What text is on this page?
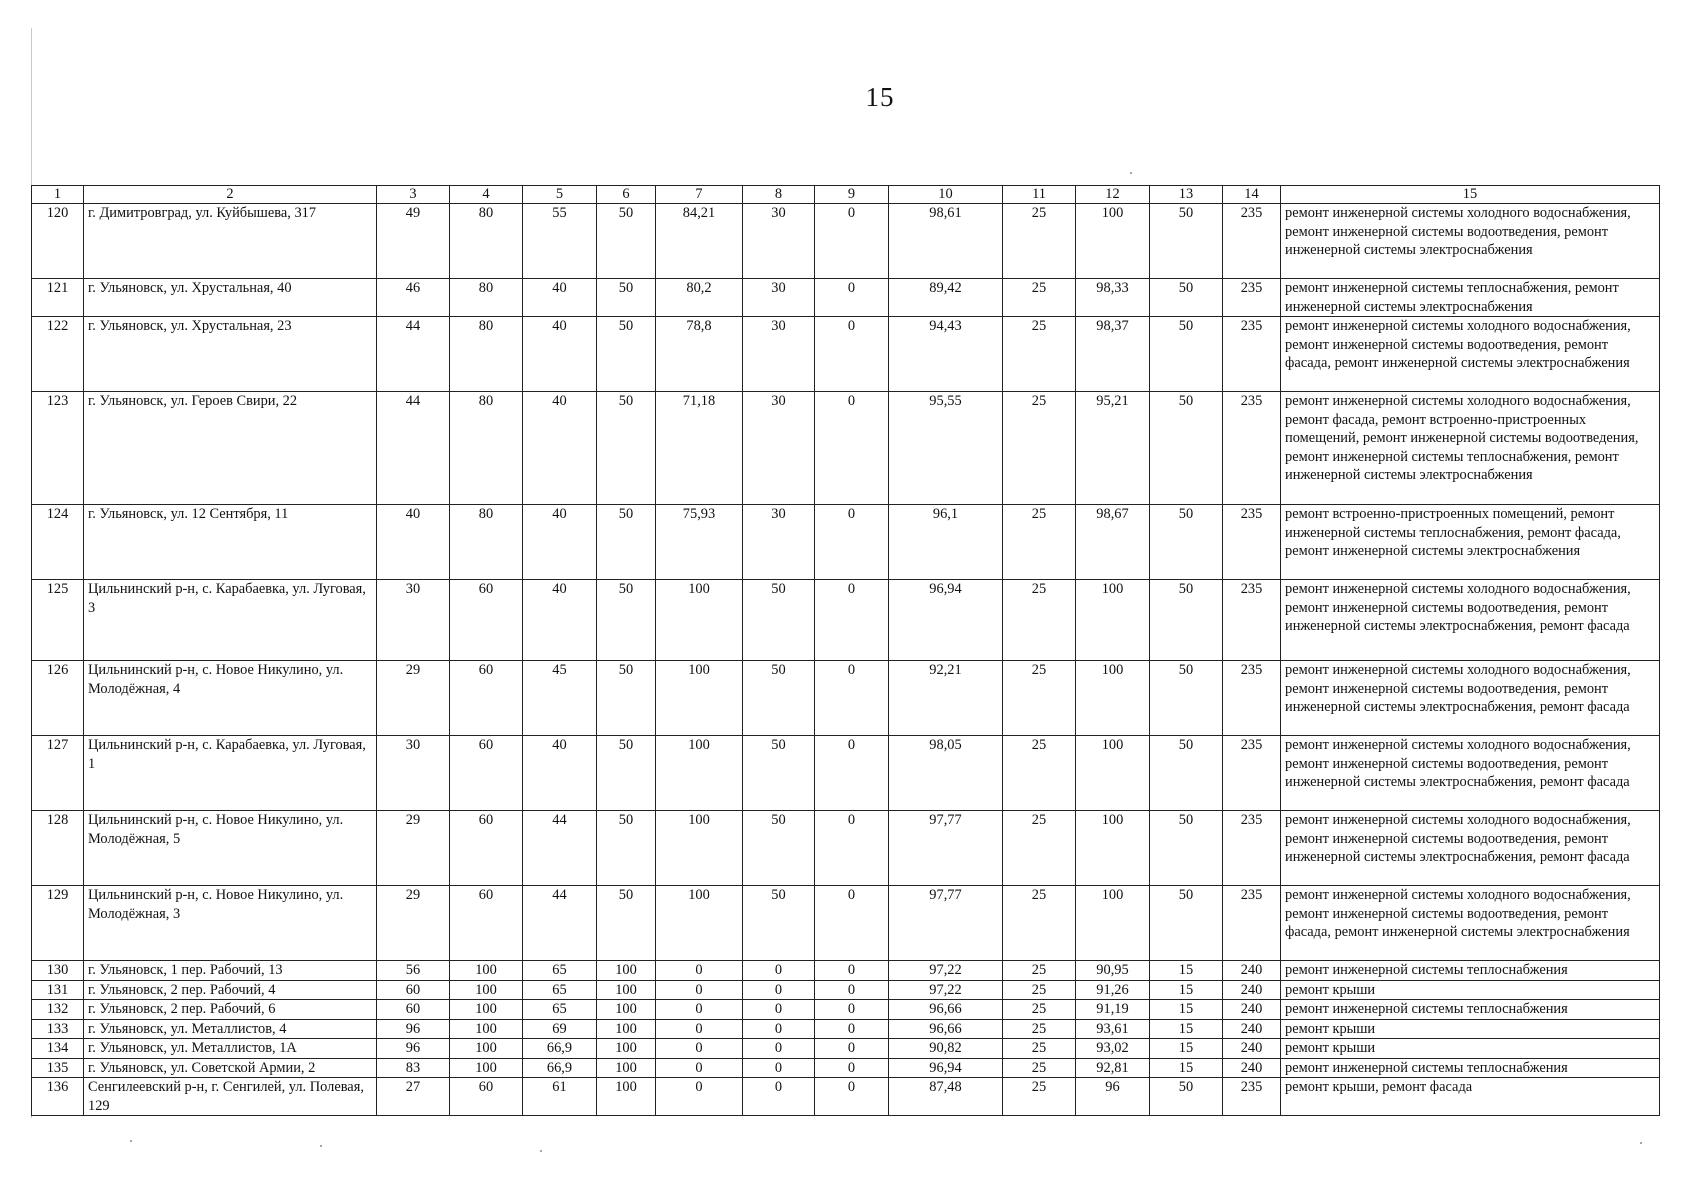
15
1	2	3	4	5	6	7	8	9	10	11	12	13	14	15
120	г. Димитровград, ул. Куйбышева, 317	49	80	55	50	84,21	30	0	98,61	25	100	50	235	ремонт инженерной системы холодного водоснабжения, ремонт инженерной системы водоотведения, ремонт инженерной системы электроснабжения
121	г. Ульяновск, ул. Хрустальная, 40	46	80	40	50	80,2	30	0	89,42	25	98,33	50	235	ремонт инженерной системы теплоснабжения, ремонт инженерной системы электроснабжения
122	г. Ульяновск, ул. Хрустальная, 23	44	80	40	50	78,8	30	0	94,43	25	98,37	50	235	ремонт инженерной системы холодного водоснабжения, ремонт инженерной системы водоотведения, ремонт фасада, ремонт инженерной системы электроснабжения
123	г. Ульяновск, ул. Героев Свири, 22	44	80	40	50	71,18	30	0	95,55	25	95,21	50	235	ремонт инженерной системы холодного водоснабжения, ремонт фасада, ремонт встроенно-пристроенных помещений, ремонт инженерной системы водоотведения, ремонт инженерной системы теплоснабжения, ремонт инженерной системы электроснабжения
124	г. Ульяновск, ул. 12 Сентября, 11	40	80	40	50	75,93	30	0	96,1	25	98,67	50	235	ремонт встроенно-пристроенных помещений, ремонт инженерной системы теплоснабжения, ремонт фасада, ремонт инженерной системы электроснабжения
125	Цильнинский р-н, с. Карабаевка, ул. Луговая, 3	30	60	40	50	100	50	0	96,94	25	100	50	235	ремонт инженерной системы холодного водоснабжения, ремонт инженерной системы водоотведения, ремонт инженерной системы электроснабжения, ремонт фасада
126	Цильнинский р-н, с. Новое Никулино, ул. Молодёжная, 4	29	60	45	50	100	50	0	92,21	25	100	50	235	ремонт инженерной системы холодного водоснабжения, ремонт инженерной системы водоотведения, ремонт инженерной системы электроснабжения, ремонт фасада
127	Цильнинский р-н, с. Карабаевка, ул. Луговая, 1	30	60	40	50	100	50	0	98,05	25	100	50	235	ремонт инженерной системы холодного водоснабжения, ремонт инженерной системы водоотведения, ремонт инженерной системы электроснабжения, ремонт фасада
128	Цильнинский р-н, с. Новое Никулино, ул. Молодёжная, 5	29	60	44	50	100	50	0	97,77	25	100	50	235	ремонт инженерной системы холодного водоснабжения, ремонт инженерной системы водоотведения, ремонт инженерной системы электроснабжения, ремонт фасада
129	Цильнинский р-н, с. Новое Никулино, ул. Молодёжная, 3	29	60	44	50	100	50	0	97,77	25	100	50	235	ремонт инженерной системы холодного водоснабжения, ремонт инженерной системы водоотведения, ремонт фасада, ремонт инженерной системы электроснабжения
130	г. Ульяновск, 1 пер. Рабочий, 13	56	100	65	100	0	0	0	97,22	25	90,95	15	240	ремонт инженерной системы теплоснабжения
131	г. Ульяновск, 2 пер. Рабочий, 4	60	100	65	100	0	0	0	97,22	25	91,26	15	240	ремонт крыши
132	г. Ульяновск, 2 пер. Рабочий, 6	60	100	65	100	0	0	0	96,66	25	91,19	15	240	ремонт инженерной системы теплоснабжения
133	г. Ульяновск, ул. Металлистов, 4	96	100	69	100	0	0	0	96,66	25	93,61	15	240	ремонт крыши
134	г. Ульяновск, ул. Металлистов, 1А	96	100	66,9	100	0	0	0	90,82	25	93,02	15	240	ремонт крыши
135	г. Ульяновск, ул. Советской Армии, 2	83	100	66,9	100	0	0	0	96,94	25	92,81	15	240	ремонт инженерной системы теплоснабжения
136	Сенгилеевский р-н, г. Сенгилей, ул. Полевая, 129	27	60	61	100	0	0	0	87,48	25	96	50	235	ремонт крыши, ремонт фасада
